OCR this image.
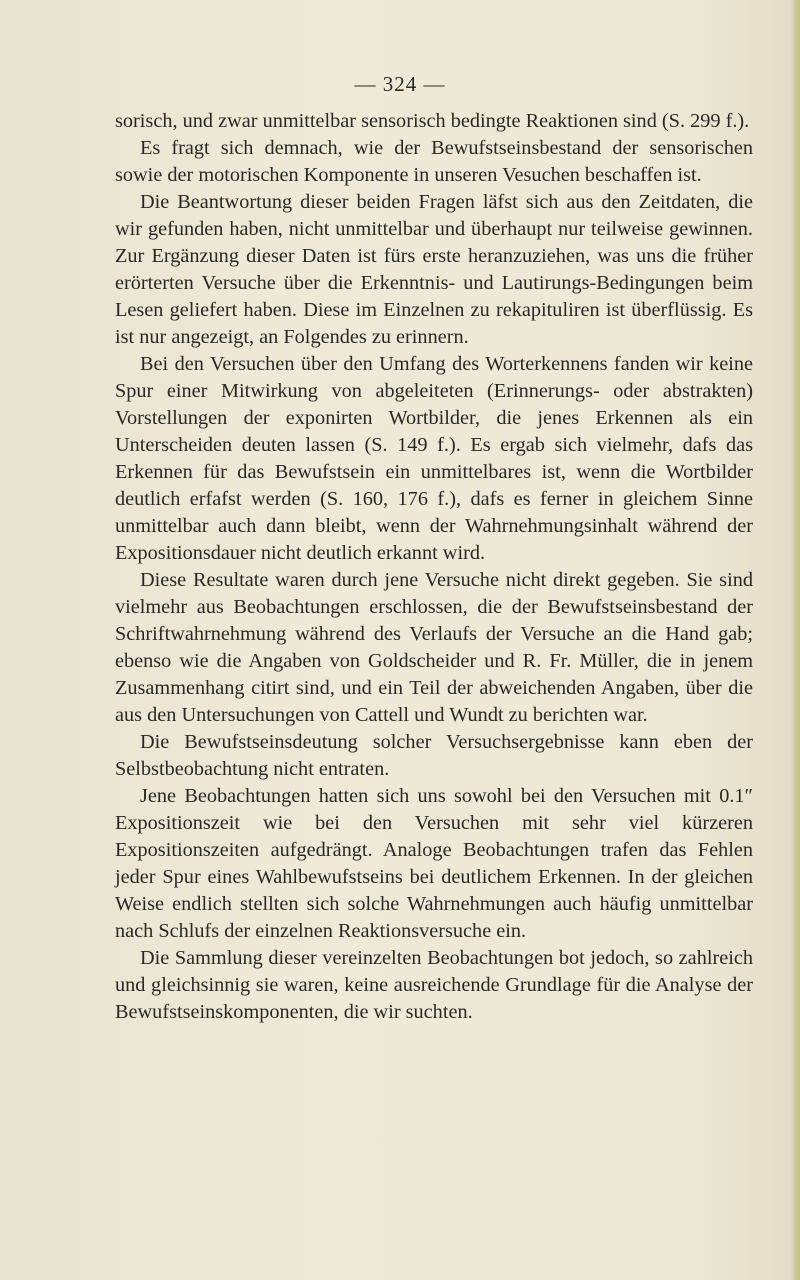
— 324 —

sorisch, und zwar unmittelbar sensorisch bedingte Reaktionen sind (S. 299 f.).

Es fragt sich demnach, wie der Bewufstseinsbestand der sensorischen sowie der motorischen Komponente in unseren Vesuchen beschaffen ist.

Die Beantwortung dieser beiden Fragen läfst sich aus den Zeitdaten, die wir gefunden haben, nicht unmittelbar und überhaupt nur teilweise gewinnen. Zur Ergänzung dieser Daten ist fürs erste heranzuziehen, was uns die früher erörterten Versuche über die Erkenntnis- und Lautirungs-Bedingungen beim Lesen geliefert haben. Diese im Einzelnen zu rekapituliren ist überflüssig. Es ist nur angezeigt, an Folgendes zu erinnern.

Bei den Versuchen über den Umfang des Worterkennens fanden wir keine Spur einer Mitwirkung von abgeleiteten (Erinnerungs- oder abstrakten) Vorstellungen der exponirten Wortbilder, die jenes Erkennen als ein Unterscheiden deuten lassen (S. 149 f.). Es ergab sich vielmehr, dafs das Erkennen für das Bewufstsein ein unmittelbares ist, wenn die Wortbilder deutlich erfafst werden (S. 160, 176 f.), dafs es ferner in gleichem Sinne unmittelbar auch dann bleibt, wenn der Wahrnehmungsinhalt während der Expositionsdauer nicht deutlich erkannt wird.

Diese Resultate waren durch jene Versuche nicht direkt gegeben. Sie sind vielmehr aus Beobachtungen erschlossen, die der Bewufstseinsbestand der Schriftwahrnehmung während des Verlaufs der Versuche an die Hand gab; ebenso wie die Angaben von Goldscheider und R. Fr. Müller, die in jenem Zusammenhang citirt sind, und ein Teil der abweichenden Angaben, über die aus den Untersuchungen von Cattell und Wundt zu berichten war.

Die Bewufstseinsdeutung solcher Versuchsergebnisse kann eben der Selbstbeobachtung nicht entraten.

Jene Beobachtungen hatten sich uns sowohl bei den Versuchen mit 0.1″ Expositionszeit wie bei den Versuchen mit sehr viel kürzeren Expositionszeiten aufgedrängt. Analoge Beobachtungen trafen das Fehlen jeder Spur eines Wahlbewufstseins bei deutlichem Erkennen. In der gleichen Weise endlich stellten sich solche Wahrnehmungen auch häufig unmittelbar nach Schlufs der einzelnen Reaktionsversuche ein.

Die Sammlung dieser vereinzelten Beobachtungen bot jedoch, so zahlreich und gleichsinnig sie waren, keine ausreichende Grundlage für die Analyse der Bewufstseinskomponenten, die wir suchten.
